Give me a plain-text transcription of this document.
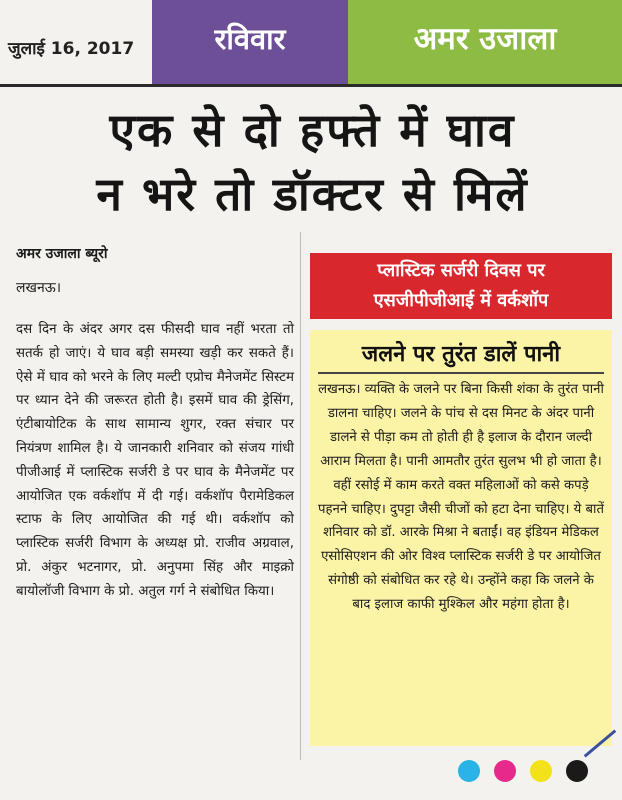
जुलाई 16, 2017	रविवार	अमर उजाला
एक से दो हफ्ते में घाव
न भरे तो डॉक्टर से मिलें
अमर उजाला ब्यूरो
लखनऊ।
दस दिन के अंदर अगर दस फीसदी घाव नहीं भरता तो सतर्क हो जाएं। ये घाव बड़ी समस्या खड़ी कर सकते हैं। ऐसे में घाव को भरने के लिए मल्टी एप्रोच मैनेजमेंट सिस्टम पर ध्यान देने की जरूरत होती है। इसमें घाव की ड्रेसिंग, एंटीबायोटिक के साथ सामान्य शुगर, रक्त संचार पर नियंत्रण शामिल है। ये जानकारी शनिवार को संजय गांधी पीजीआई में प्लास्टिक सर्जरी डे पर घाव के मैनेजमेंट पर आयोजित एक वर्कशॉप में दी गई। वर्कशॉप पैरामेडिकल स्टाफ के लिए आयोजित की गई थी। वर्कशॉप को प्लास्टिक सर्जरी विभाग के अध्यक्ष प्रो. राजीव अग्रवाल, प्रो. अंकुर भटनागर, प्रो. अनुपमा सिंह और माइक्रो बायोलॉजी विभाग के प्रो. अतुल गर्ग ने संबोधित किया।
प्लास्टिक सर्जरी दिवस पर
एसजीपीजीआई में वर्कशॉप
जलने पर तुरंत डालें पानी
लखनऊ। व्यक्ति के जलने पर बिना किसी शंका के तुरंत पानी डालना चाहिए। जलने के पांच से दस मिनट के अंदर पानी डालने से पीड़ा कम तो होती ही है इलाज के दौरान जल्दी आराम मिलता है। पानी आमतौर तुरंत सुलभ भी हो जाता है। वहीं रसोई में काम करते वक्त महिलाओं को कसे कपड़े पहनने चाहिए। दुपट्टा जैसी चीजों को हटा देना चाहिए। ये बातें शनिवार को डॉ. आरके मिश्रा ने बताईं। वह इंडियन मेडिकल एसोसिएशन की ओर विश्व प्लास्टिक सर्जरी डे पर आयोजित संगोष्ठी को संबोधित कर रहे थे। उन्होंने कहा कि जलने के बाद इलाज काफी मुश्किल और महंगा होता है।
